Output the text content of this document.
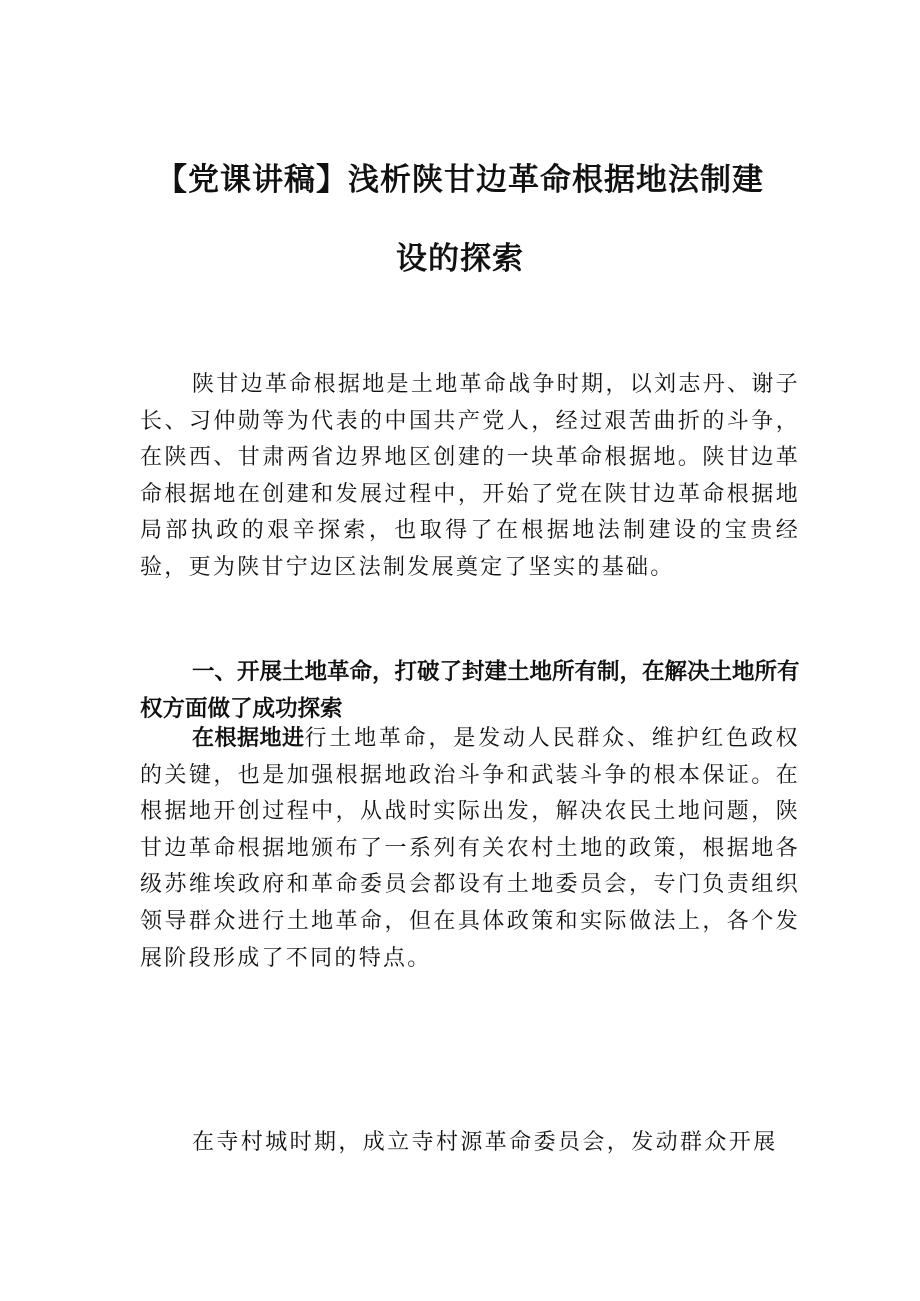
【党课讲稿】浅析陕甘边革命根据地法制建
设的探索

陕甘边革命根据地是土地革命战争时期，以刘志丹、谢子长、习仲勋等为代表的中国共产党人，经过艰苦曲折的斗争，在陕西、甘肃两省边界地区创建的一块革命根据地。陕甘边革命根据地在创建和发展过程中，开始了党在陕甘边革命根据地局部执政的艰辛探索，也取得了在根据地法制建设的宝贵经验，更为陕甘宁边区法制发展奠定了坚实的基础。

一、开展土地革命，打破了封建土地所有制，在解决土地所有权方面做了成功探索

在根据地进行土地革命，是发动人民群众、维护红色政权的关键，也是加强根据地政治斗争和武装斗争的根本保证。在根据地开创过程中，从战时实际出发，解决农民土地问题，陕甘边革命根据地颁布了一系列有关农村土地的政策，根据地各级苏维埃政府和革命委员会都设有土地委员会，专门负责组织领导群众进行土地革命，但在具体政策和实际做法上，各个发展阶段形成了不同的特点。

在寺村城时期，成立寺村源革命委员会，发动群众开展
